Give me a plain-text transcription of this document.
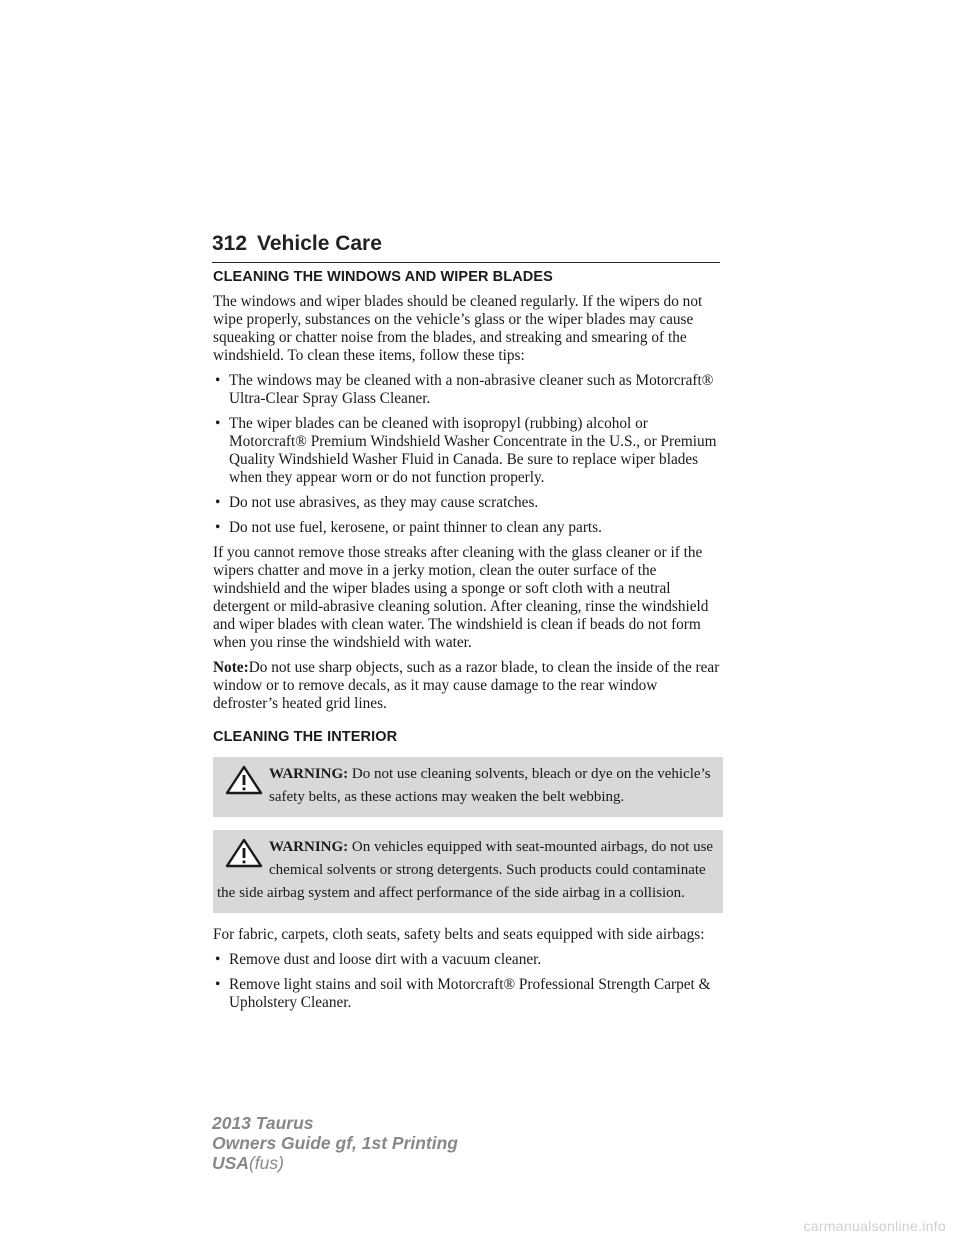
312 Vehicle Care
CLEANING THE WINDOWS AND WIPER BLADES

The windows and wiper blades should be cleaned regularly. If the wipers do not wipe properly, substances on the vehicle’s glass or the wiper blades may cause squeaking or chatter noise from the blades, and streaking and smearing of the windshield. To clean these items, follow these tips:

• The windows may be cleaned with a non-abrasive cleaner such as Motorcraft® Ultra-Clear Spray Glass Cleaner.
• The wiper blades can be cleaned with isopropyl (rubbing) alcohol or Motorcraft® Premium Windshield Washer Concentrate in the U.S., or Premium Quality Windshield Washer Fluid in Canada. Be sure to replace wiper blades when they appear worn or do not function properly.
• Do not use abrasives, as they may cause scratches.
• Do not use fuel, kerosene, or paint thinner to clean any parts.

If you cannot remove those streaks after cleaning with the glass cleaner or if the wipers chatter and move in a jerky motion, clean the outer surface of the windshield and the wiper blades using a sponge or soft cloth with a neutral detergent or mild-abrasive cleaning solution. After cleaning, rinse the windshield and wiper blades with clean water. The windshield is clean if beads do not form when you rinse the windshield with water.

Note:Do not use sharp objects, such as a razor blade, to clean the inside of the rear window or to remove decals, as it may cause damage to the rear window defroster’s heated grid lines.

CLEANING THE INTERIOR
WARNING: Do not use cleaning solvents, bleach or dye on the vehicle’s safety belts, as these actions may weaken the belt webbing.
WARNING: On vehicles equipped with seat-mounted airbags, do not use chemical solvents or strong detergents. Such products could contaminate the side airbag system and affect performance of the side airbag in a collision.

For fabric, carpets, cloth seats, safety belts and seats equipped with side airbags:

• Remove dust and loose dirt with a vacuum cleaner.
• Remove light stains and soil with Motorcraft® Professional Strength Carpet & Upholstery Cleaner.
2013 Taurus
Owners Guide gf, 1st Printing
USA(fus)
carmanualsonline.info
